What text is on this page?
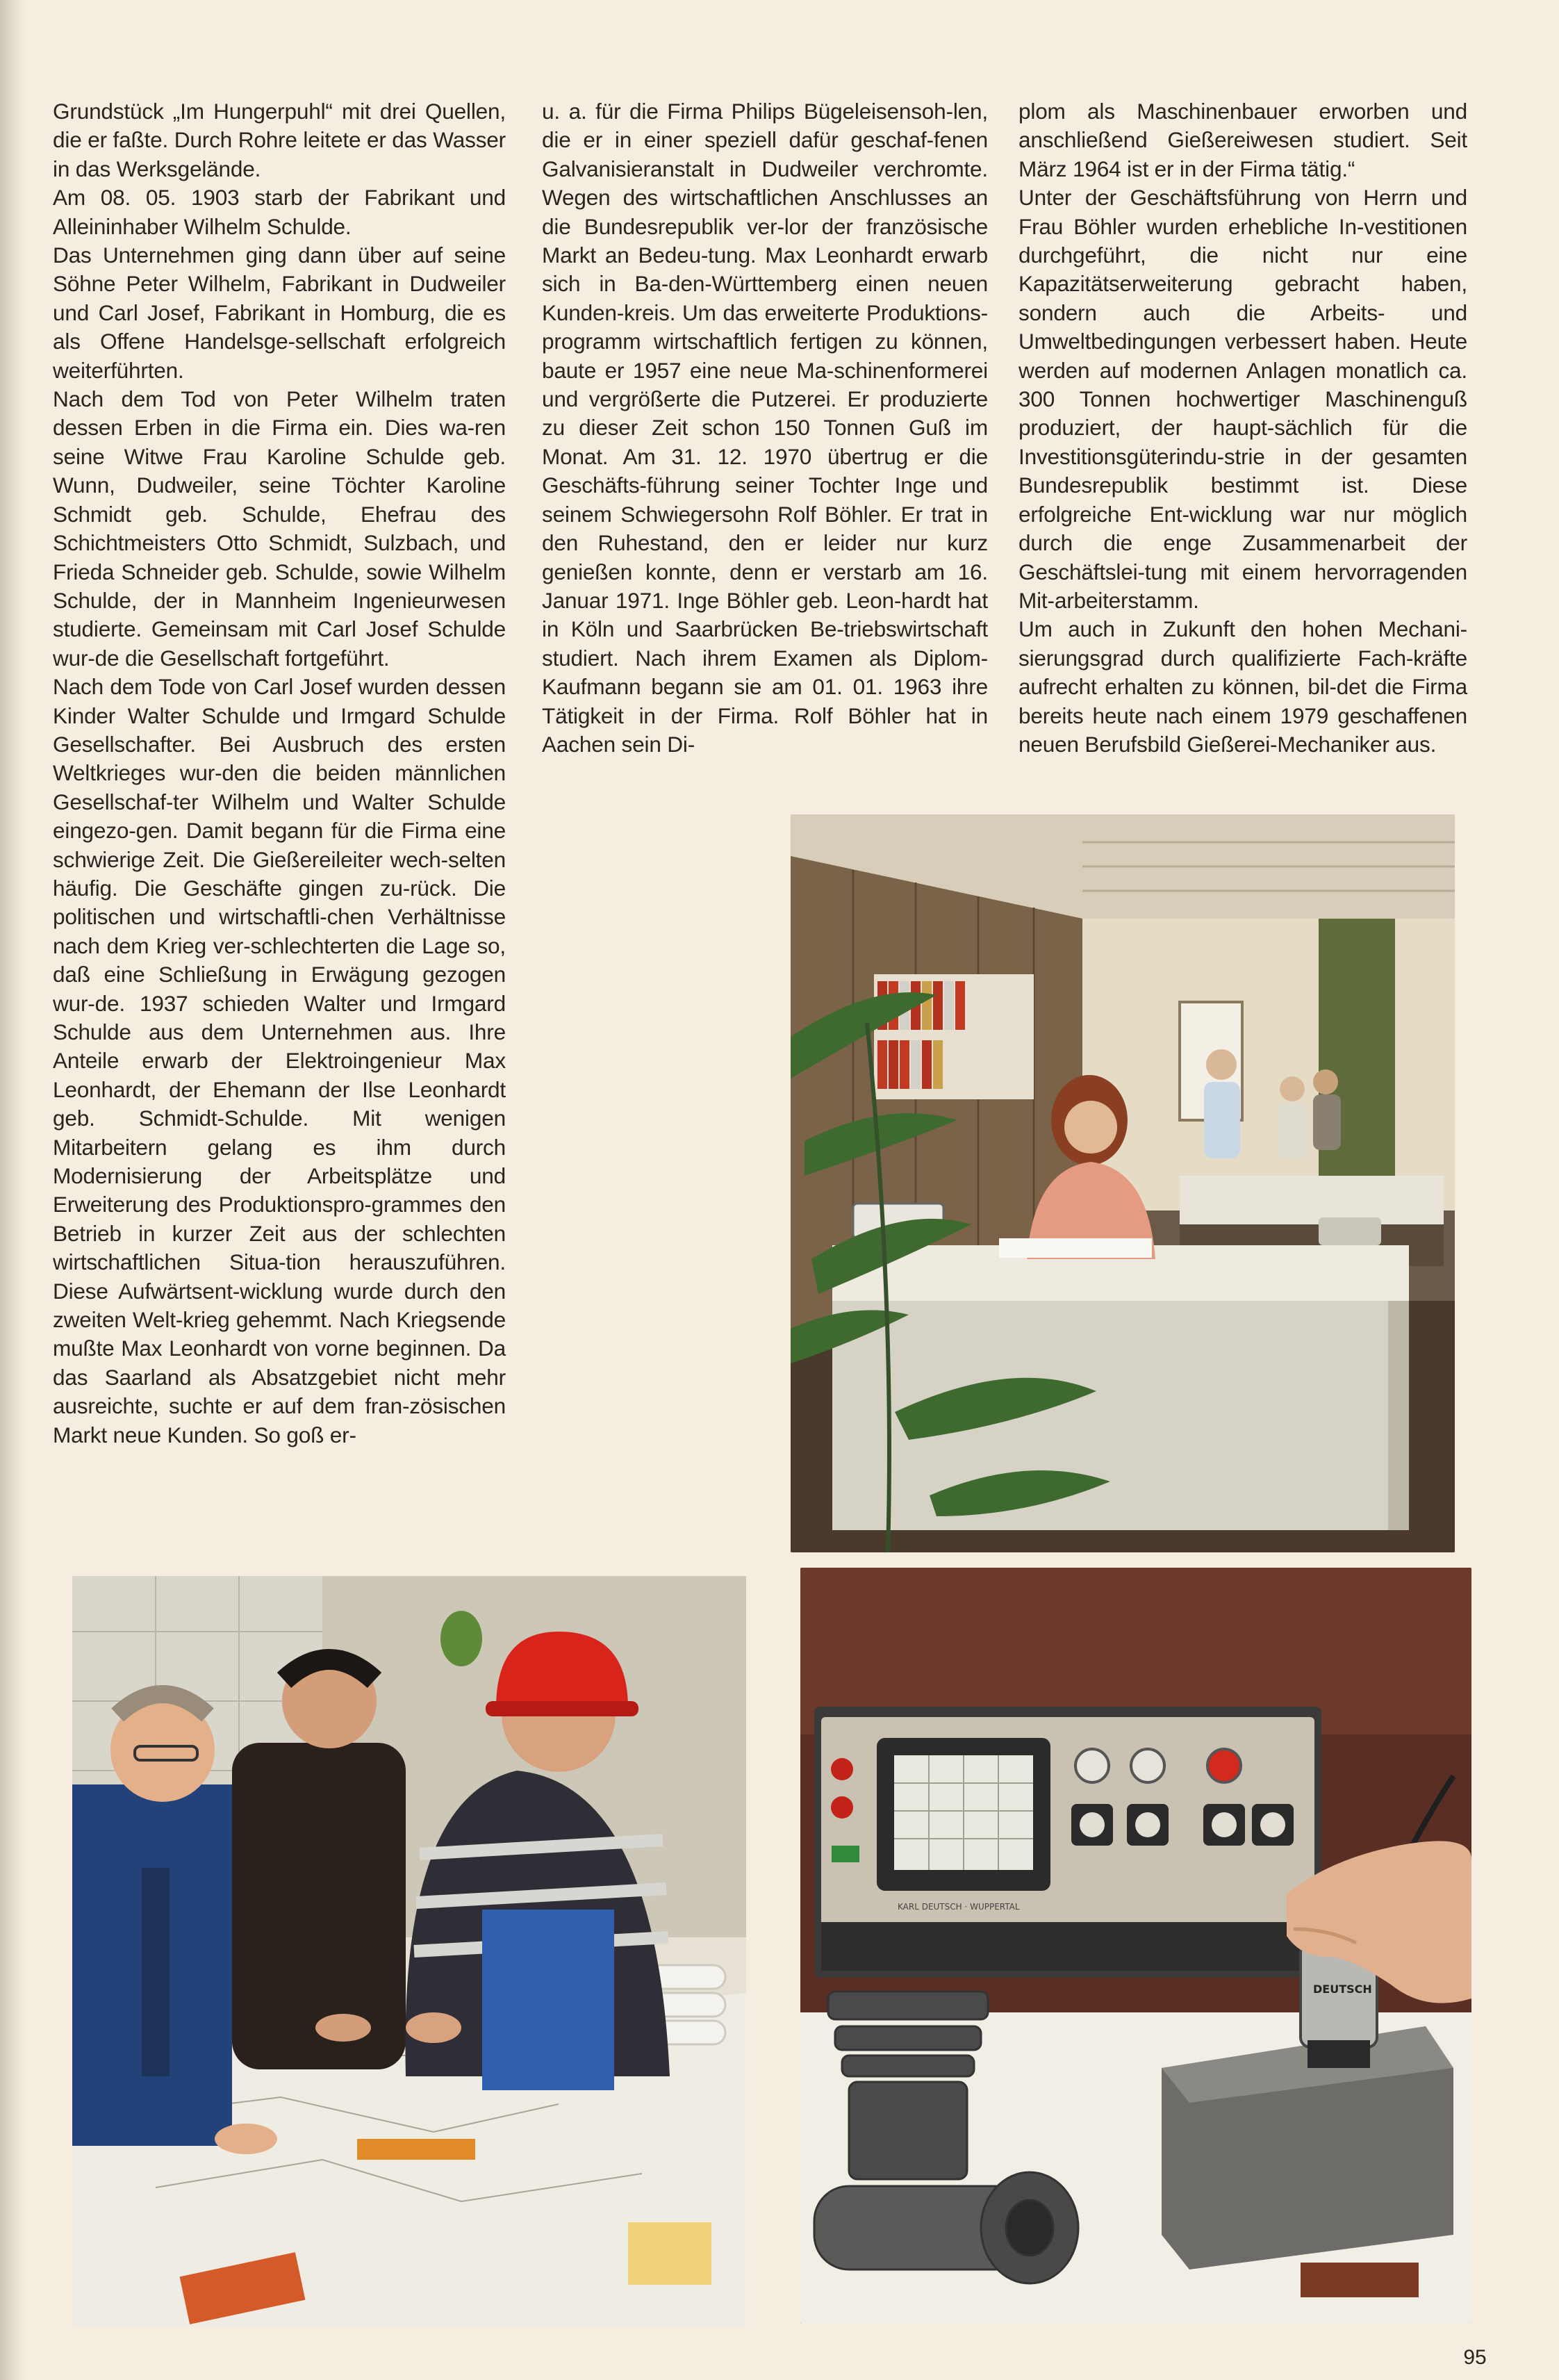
Grundstück „Im Hungerpuhl“ mit drei Quellen, die er faßte. Durch Rohre leitete er das Wasser in das Werksgelände.

Am 08. 05. 1903 starb der Fabrikant und Alleininhaber Wilhelm Schulde.

Das Unternehmen ging dann über auf seine Söhne Peter Wilhelm, Fabrikant in Dudweiler und Carl Josef, Fabrikant in Homburg, die es als Offene Handelsge-sellschaft erfolgreich weiterführten.

Nach dem Tod von Peter Wilhelm traten dessen Erben in die Firma ein. Dies wa-ren seine Witwe Frau Karoline Schulde geb. Wunn, Dudweiler, seine Töchter Karoline Schmidt geb. Schulde, Ehefrau des Schichtmeisters Otto Schmidt, Sulzbach, und Frieda Schneider geb. Schulde, sowie Wilhelm Schulde, der in Mannheim Ingenieurwesen studierte. Gemeinsam mit Carl Josef Schulde wur-de die Gesellschaft fortgeführt.

Nach dem Tode von Carl Josef wurden dessen Kinder Walter Schulde und Irmgard Schulde Gesellschafter. Bei Ausbruch des ersten Weltkrieges wur-den die beiden männlichen Gesellschaf-ter Wilhelm und Walter Schulde eingezo-gen. Damit begann für die Firma eine schwierige Zeit. Die Gießereileiter wech-selten häufig. Die Geschäfte gingen zu-rück. Die politischen und wirtschaftli-chen Verhältnisse nach dem Krieg ver-schlechterten die Lage so, daß eine Schließung in Erwägung gezogen wur-de. 1937 schieden Walter und Irmgard Schulde aus dem Unternehmen aus. Ihre Anteile erwarb der Elektroingenieur Max Leonhardt, der Ehemann der Ilse Leonhardt geb. Schmidt-Schulde. Mit wenigen Mitarbeitern gelang es ihm durch Modernisierung der Arbeitsplätze und Erweiterung des Produktionspro-grammes den Betrieb in kurzer Zeit aus der schlechten wirtschaftlichen Situa-tion herauszuführen. Diese Aufwärtsent-wicklung wurde durch den zweiten Welt-krieg gehemmt. Nach Kriegsende mußte Max Leonhardt von vorne beginnen. Da das Saarland als Absatzgebiet nicht mehr ausreichte, suchte er auf dem fran-zösischen Markt neue Kunden. So goß er-

u. a. für die Firma Philips Bügeleisensoh-len, die er in einer speziell dafür geschaf-fenen Galvanisieranstalt in Dudweiler verchromte. Wegen des wirtschaftlichen Anschlusses an die Bundesrepublik ver-lor der französische Markt an Bedeu-tung. Max Leonhardt erwarb sich in Ba-den-Württemberg einen neuen Kunden-kreis. Um das erweiterte Produktions-programm wirtschaftlich fertigen zu können, baute er 1957 eine neue Ma-schinenformerei und vergrößerte die Putzerei. Er produzierte zu dieser Zeit schon 150 Tonnen Guß im Monat. Am 31. 12. 1970 übertrug er die Geschäfts-führung seiner Tochter Inge und seinem Schwiegersohn Rolf Böhler. Er trat in den Ruhestand, den er leider nur kurz genießen konnte, denn er verstarb am 16. Januar 1971. Inge Böhler geb. Leon-hardt hat in Köln und Saarbrücken Be-triebswirtschaft studiert. Nach ihrem Examen als Diplom-Kaufmann begann sie am 01. 01. 1963 ihre Tätigkeit in der Firma. Rolf Böhler hat in Aachen sein Di-

plom als Maschinenbauer erworben und anschließend Gießereiwesen studiert. Seit März 1964 ist er in der Firma tätig.“

Unter der Geschäftsführung von Herrn und Frau Böhler wurden erhebliche In-vestitionen durchgeführt, die nicht nur eine Kapazitätserweiterung gebracht haben, sondern auch die Arbeits- und Umweltbedingungen verbessert haben. Heute werden auf modernen Anlagen monatlich ca. 300 Tonnen hochwertiger Maschinenguß produziert, der haupt-sächlich für die Investitionsgüterindu-strie in der gesamten Bundesrepublik bestimmt ist. Diese erfolgreiche Ent-wicklung war nur möglich durch die enge Zusammenarbeit der Geschäftslei-tung mit einem hervorragenden Mit-arbeiterstamm.

Um auch in Zukunft den hohen Mechani-sierungsgrad durch qualifizierte Fach-kräfte aufrecht erhalten zu können, bil-det die Firma bereits heute nach einem 1979 geschaffenen neuen Berufsbild Gießerei-Mechaniker aus.

KARL DEUTSCH · WUPPERTAL
DEUTSCH
95
